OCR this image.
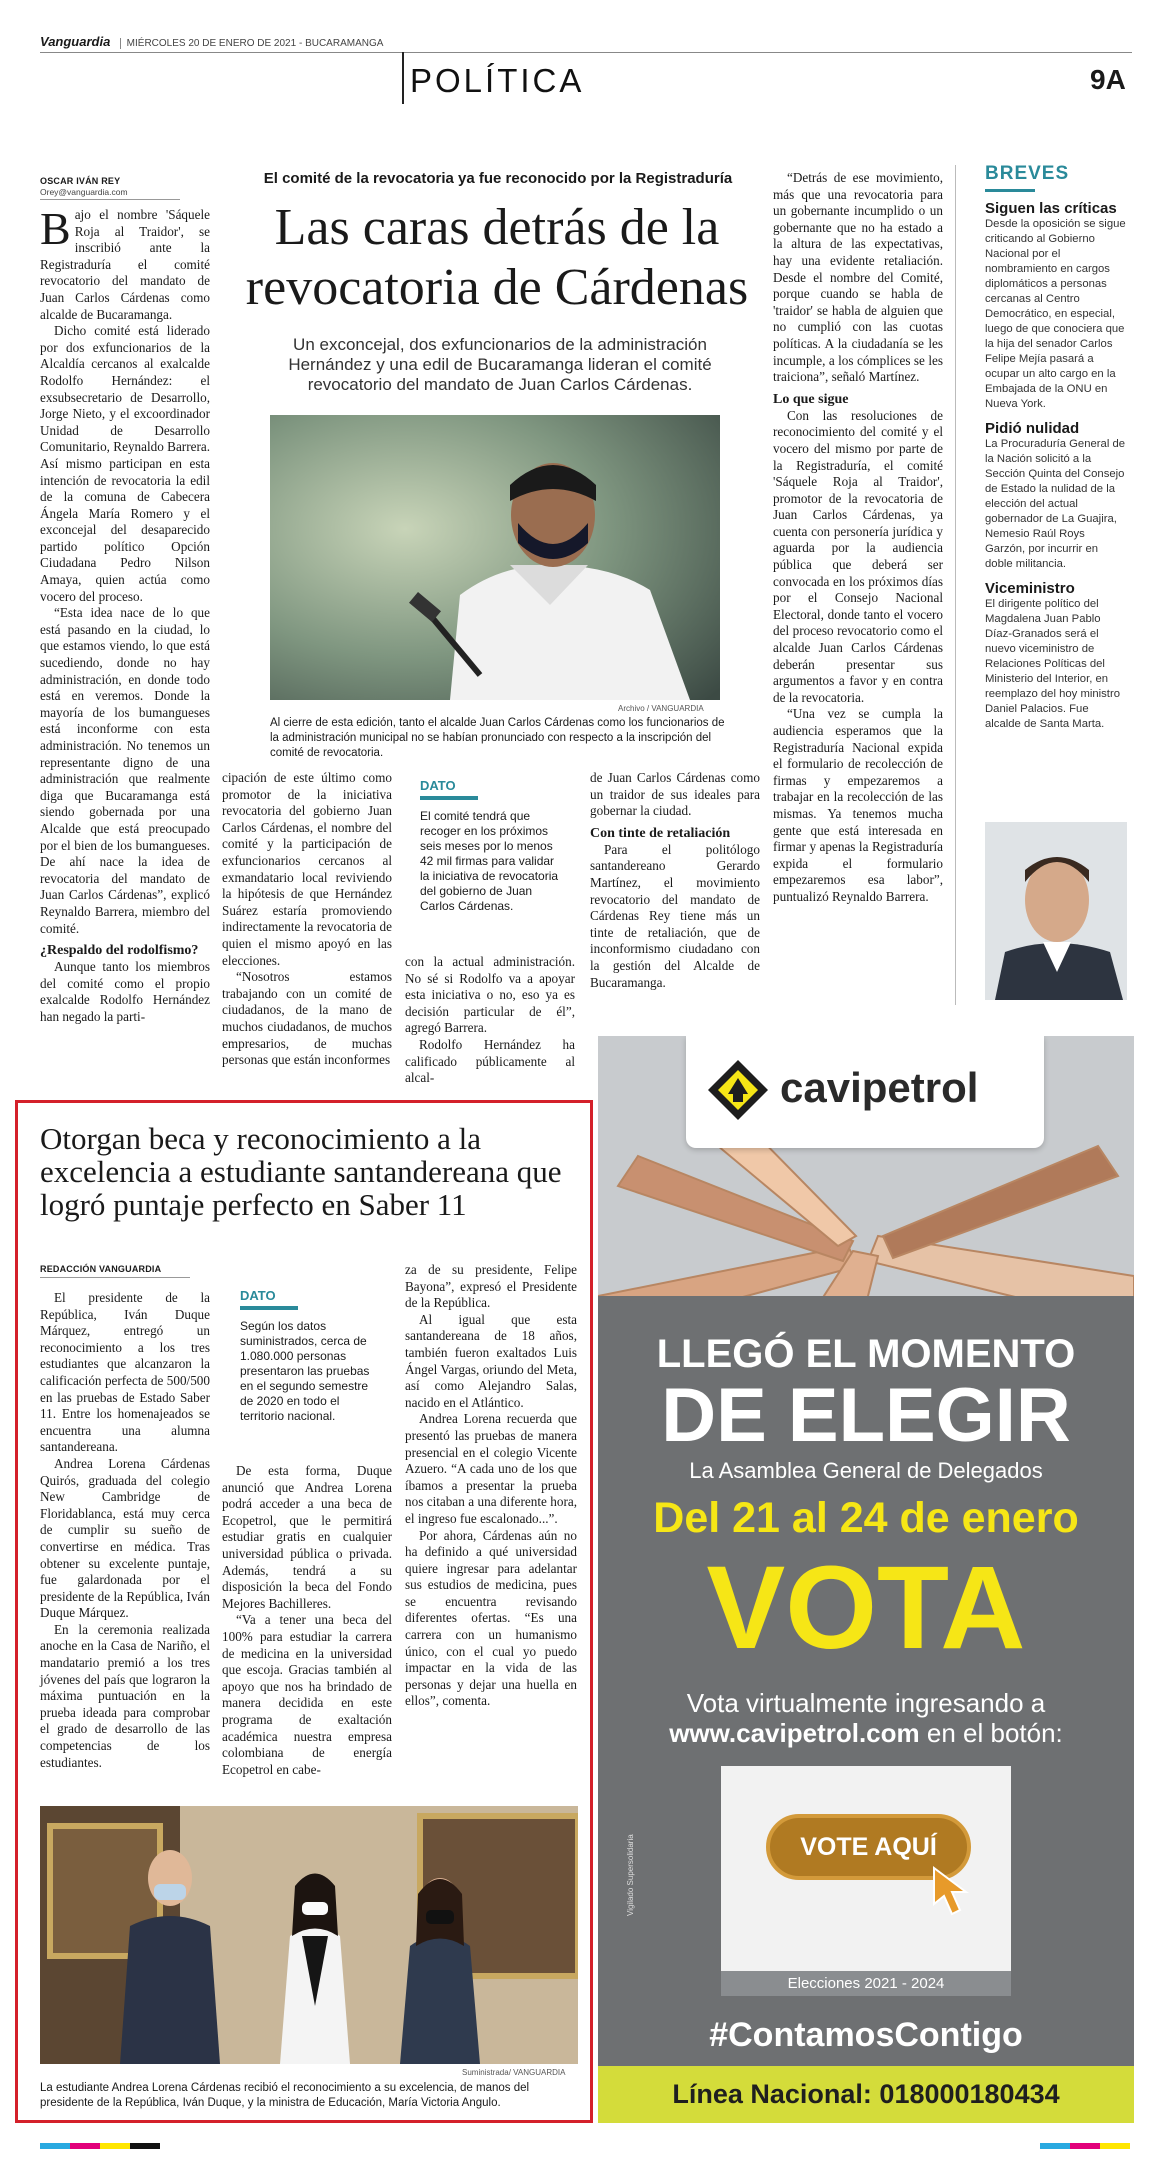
Vanguardia MIÉRCOLES 20 DE ENERO DE 2021 - BUCARAMANGA
POLÍTICA	9A
OSCAR IVÁN REY
Orey@vanguardia.com
El comité de la revocatoria ya fue reconocido por la Registraduría
Las caras detrás de la revocatoria de Cárdenas
Un exconcejal, dos exfuncionarios de la administración Hernández y una edil de Bucaramanga lideran el comité revocatorio del mandato de Juan Carlos Cárdenas.
Archivo / VANGUARDIA
Al cierre de esta edición, tanto el alcalde Juan Carlos Cárdenas como los funcionarios de la administración municipal no se habían pronunciado con respecto a la inscripción del comité de revocatoria.

Bajo el nombre 'Sáquele Roja al Traidor', se inscribió ante la Registraduría el comité revocatorio del mandato de Juan Carlos Cárdenas como alcalde de Bucaramanga.

Dicho comité está liderado por dos exfuncionarios de la Alcaldía cercanos al exalcalde Rodolfo Hernández: el exsubsecretario de Desarrollo, Jorge Nieto, y el excoordinador Unidad de Desarrollo Comunitario, Reynaldo Barrera. Así mismo participan en esta intención de revocatoria la edil de la comuna de Cabecera Ángela María Romero y el exconcejal del desaparecido partido político Opción Ciudadana Pedro Nilson Amaya, quien actúa como vocero del proceso.

“Esta idea nace de lo que está pasando en la ciudad, lo que estamos viendo, lo que está sucediendo, donde no hay administración, en donde todo está en veremos. Donde la mayoría de los bumangueses está inconforme con esta administración. No tenemos un representante digno de una administración que realmente diga que Bucaramanga está siendo gobernada por una Alcalde que está preocupado por el bien de los bumangueses. De ahí nace la idea de revocatoria del mandato de Juan Carlos Cárdenas”, explicó Reynaldo Barrera, miembro del comité.

¿Respaldo del rodolfismo?

Aunque tanto los miembros del comité como el propio exalcalde Rodolfo Hernández han negado la parti-

cipación de este último como promotor de la iniciativa revocatoria del gobierno Juan Carlos Cárdenas, el nombre del comité y la participación de exfuncionarios cercanos al exmandatario local reviviendo la hipótesis de que Hernández Suárez estaría promoviendo indirectamente la revocatoria de quien el mismo apoyó en las elecciones.

“Nosotros estamos trabajando con un comité de ciudadanos, de la mano de muchos ciudadanos, de muchos empresarios, de muchas personas que están inconformes

DATO
El comité tendrá que recoger en los próximos seis meses por lo menos 42 mil firmas para validar la iniciativa de revocatoria del gobierno de Juan Carlos Cárdenas.

con la actual administración. No sé si Rodolfo va a apoyar esta iniciativa o no, eso ya es decisión particular de él”, agregó Barrera.

Rodolfo Hernández ha calificado públicamente al alcal-

de Juan Carlos Cárdenas como un traidor de sus ideales para gobernar la ciudad.

Con tinte de retaliación

Para el politólogo santandereano Gerardo Martínez, el movimiento revocatorio del mandato de Cárdenas Rey tiene más un tinte de retaliación, que de inconformismo ciudadano con la gestión del Alcalde de Bucaramanga.

“Detrás de ese movimiento, más que una revocatoria para un gobernante incumplido o un gobernante que no ha estado a la altura de las expectativas, hay una evidente retaliación. Desde el nombre del Comité, porque cuando se habla de 'traidor' se habla de alguien que no cumplió con las cuotas políticas. A la ciudadanía se les incumple, a los cómplices se les traiciona”, señaló Martínez.

Lo que sigue

Con las resoluciones de reconocimiento del comité y el vocero del mismo por parte de la Registraduría, el comité 'Sáquele Roja al Traidor', promotor de la revocatoria de Juan Carlos Cárdenas, ya cuenta con personería jurídica y aguarda por la audiencia pública que deberá ser convocada en los próximos días por el Consejo Nacional Electoral, donde tanto el vocero del proceso revocatorio como el alcalde Juan Carlos Cárdenas deberán presentar sus argumentos a favor y en contra de la revocatoria.

“Una vez se cumpla la audiencia esperamos que la Registraduría Nacional expida el formulario de recolección de firmas y empezaremos a trabajar en la recolección de las mismas. Ya tenemos mucha gente que está interesada en firmar y apenas la Registraduría expida el formulario empezaremos esa labor”, puntualizó Reynaldo Barrera.

BREVES
Siguen las críticas

Desde la oposición se sigue criticando al Gobierno Nacional por el nombramiento en cargos diplomáticos a personas cercanas al Centro Democrático, en especial, luego de que conociera que la hija del senador Carlos Felipe Mejía pasará a ocupar un alto cargo en la Embajada de la ONU en Nueva York.

Pidió nulidad

La Procuraduría General de la Nación solicitó a la Sección Quinta del Consejo de Estado la nulidad de la elección del actual gobernador de La Guajira, Nemesio Raúl Roys Garzón, por incurrir en doble militancia.

Viceministro

El dirigente político del Magdalena Juan Pablo Díaz-Granados será el nuevo viceministro de Relaciones Políticas del Ministerio del Interior, en reemplazo del hoy ministro Daniel Palacios. Fue alcalde de Santa Marta.

Otorgan beca y reconocimiento a la excelencia a estudiante santandereana que logró puntaje perfecto en Saber 11
REDACCIÓN VANGUARDIA

El presidente de la República, Iván Duque Márquez, entregó un reconocimiento a los tres estudiantes que alcanzaron la calificación perfecta de 500/500 en las pruebas de Estado Saber 11. Entre los homenajeados se encuentra una alumna santandereana.

Andrea Lorena Cárdenas Quirós, graduada del colegio New Cambridge de Floridablanca, está muy cerca de cumplir su sueño de convertirse en médica. Tras obtener su excelente puntaje, fue galardonada por el presidente de la República, Iván Duque Márquez.

En la ceremonia realizada anoche en la Casa de Nariño, el mandatario premió a los tres jóvenes del país que lograron la máxima puntuación en la prueba ideada para comprobar el grado de desarrollo de las competencias de los estudiantes.

DATO
Según los datos suministrados, cerca de 1.080.000 personas presentaron las pruebas en el segundo semestre de 2020 en todo el territorio nacional.

De esta forma, Duque anunció que Andrea Lorena podrá acceder a una beca de Ecopetrol, que le permitirá estudiar gratis en cualquier universidad pública o privada. Además, tendrá a su disposición la beca del Fondo Mejores Bachilleres.

“Va a tener una beca del 100% para estudiar la carrera de medicina en la universidad que escoja. Gracias también al apoyo que nos ha brindado de manera decidida en este programa de exaltación académica nuestra empresa colombiana de energía Ecopetrol en cabe-

za de su presidente, Felipe Bayona”, expresó el Presidente de la República.

Al igual que esta santandereana de 18 años, también fueron exaltados Luis Ángel Vargas, oriundo del Meta, así como Alejandro Salas, nacido en el Atlántico.

Andrea Lorena recuerda que presentó las pruebas de manera presencial en el colegio Vicente Azuero. “A cada uno de los que íbamos a presentar la prueba nos citaban a una diferente hora, el ingreso fue escalonado...”.

Por ahora, Cárdenas aún no ha definido a qué universidad quiere ingresar para adelantar sus estudios de medicina, pues se encuentra revisando diferentes ofertas. “Es una carrera con un humanismo único, con el cual yo puedo impactar en la vida de las personas y dejar una huella en ellos”, comenta.

Suministrada/ VANGUARDIA
La estudiante Andrea Lorena Cárdenas recibió el reconocimiento a su excelencia, de manos del presidente de la República, Iván Duque, y la ministra de Educación, María Victoria Angulo.
cavipetrol
LLEGÓ EL MOMENTO
DE ELEGIR
La Asamblea General de Delegados
Del 21 al 24 de enero
VOTA
Vota virtualmente ingresando a
www.cavipetrol.com en el botón:
VOTE AQUÍ
Elecciones 2021 - 2024
Vigilado Supersolidaria
#ContamosContigo
Línea Nacional: 018000180434
